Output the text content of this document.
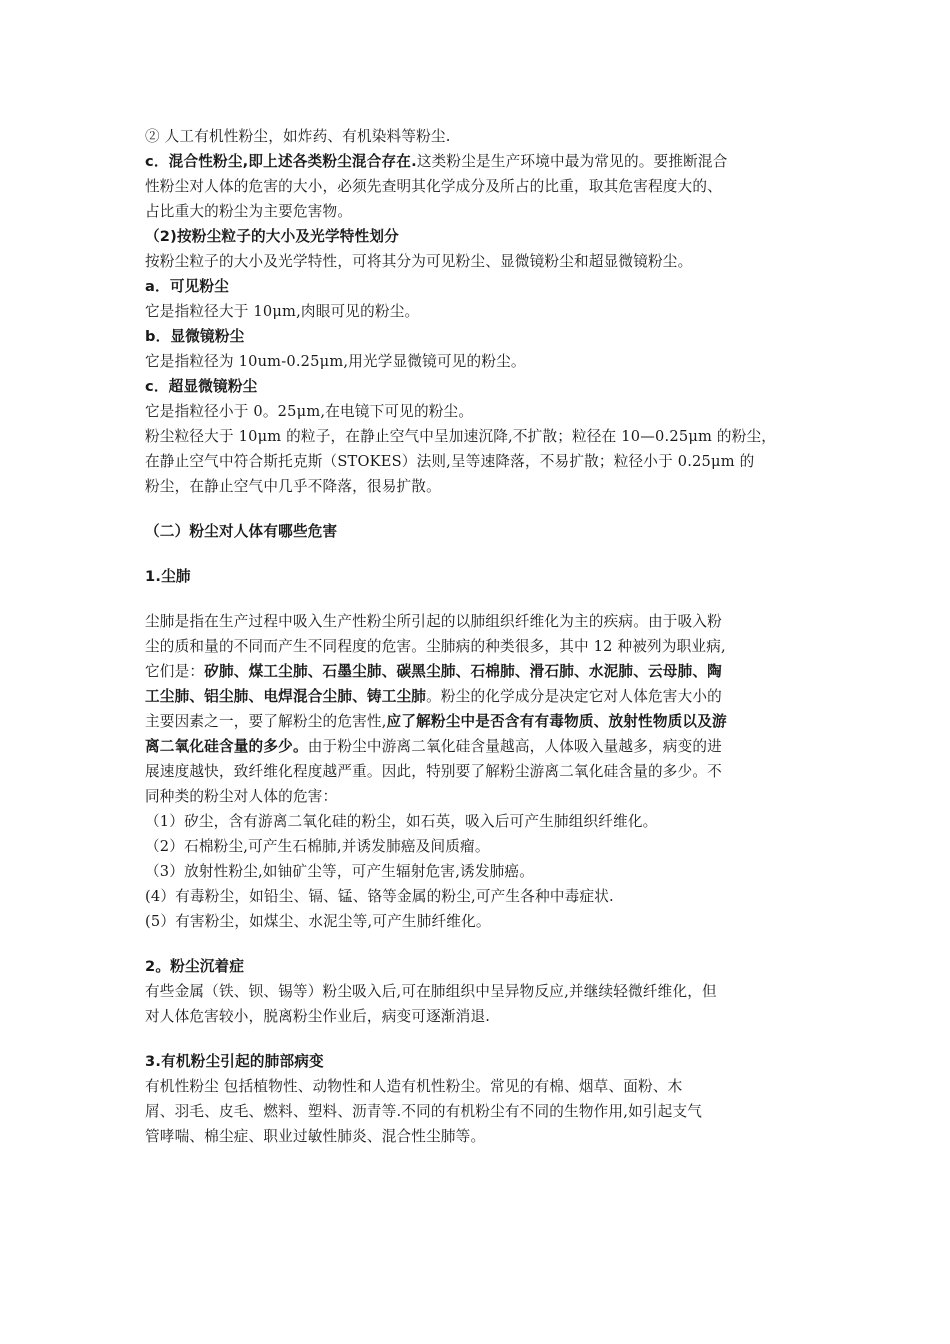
② 人工有机性粉尘，如炸药、有机染料等粉尘.

c．混合性粉尘,即上述各类粉尘混合存在.这类粉尘是生产环境中最为常见的。要推断混合

性粉尘对人体的危害的大小，必须先查明其化学成分及所占的比重，取其危害程度大的、

占比重大的粉尘为主要危害物。

（2)按粉尘粒子的大小及光学特性划分

按粉尘粒子的大小及光学特性，可将其分为可见粉尘、显微镜粉尘和超显微镜粉尘。

a．可见粉尘

它是指粒径大于 10μm,肉眼可见的粉尘。

b．显微镜粉尘

它是指粒径为 10um-0.25μm,用光学显微镜可见的粉尘。

c．超显微镜粉尘

它是指粒径小于 0。25μm,在电镜下可见的粉尘。

粉尘粒径大于 10μm 的粒子，在静止空气中呈加速沉降,不扩散；粒径在 10—0.25μm 的粉尘，

在静止空气中符合斯托克斯（STOKES）法则,呈等速降落，不易扩散；粒径小于 0.25μm 的

粉尘，在静止空气中几乎不降落，很易扩散。

（二）粉尘对人体有哪些危害

1.尘肺

尘肺是指在生产过程中吸入生产性粉尘所引起的以肺组织纤维化为主的疾病。由于吸入粉

尘的质和量的不同而产生不同程度的危害。尘肺病的种类很多，其中 12 种被列为职业病,

它们是：矽肺、煤工尘肺、石墨尘肺、碳黑尘肺、石棉肺、滑石肺、水泥肺、云母肺、陶

工尘肺、铝尘肺、电焊混合尘肺、铸工尘肺。粉尘的化学成分是决定它对人体危害大小的

主要因素之一，要了解粉尘的危害性,应了解粉尘中是否含有有毒物质、放射性物质以及游

离二氧化硅含量的多少。由于粉尘中游离二氧化硅含量越高，人体吸入量越多，病变的进

展速度越快，致纤维化程度越严重。因此，特别要了解粉尘游离二氧化硅含量的多少。不

同种类的粉尘对人体的危害：

（1）矽尘，含有游离二氧化硅的粉尘，如石英，吸入后可产生肺组织纤维化。

（2）石棉粉尘,可产生石棉肺,并诱发肺癌及间质瘤。

（3）放射性粉尘,如铀矿尘等，可产生辐射危害,诱发肺癌。

(4）有毒粉尘，如铅尘、镉、锰、铬等金属的粉尘,可产生各种中毒症状.

(5）有害粉尘，如煤尘、水泥尘等,可产生肺纤维化。

2。粉尘沉着症

有些金属（铁、钡、锡等）粉尘吸入后,可在肺组织中呈异物反应,并继续轻微纤维化，但

对人体危害较小，脱离粉尘作业后，病变可逐渐消退.

3.有机粉尘引起的肺部病变

有机性粉尘 包括植物性、动物性和人造有机性粉尘。常见的有棉、烟草、面粉、木

屑、羽毛、皮毛、燃料、塑料、沥青等.不同的有机粉尘有不同的生物作用,如引起支气

管哮喘、棉尘症、职业过敏性肺炎、混合性尘肺等。
